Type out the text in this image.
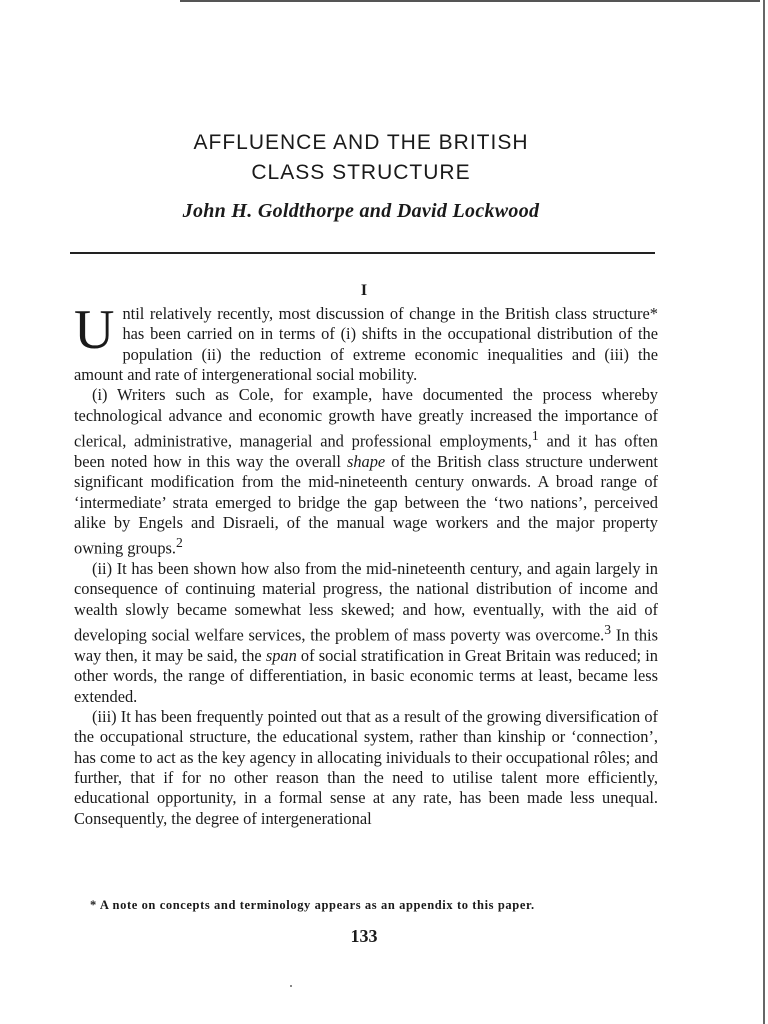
AFFLUENCE AND THE BRITISH
CLASS STRUCTURE
John H. Goldthorpe and David Lockwood
I

Until relatively recently, most discussion of change in the British class structure* has been carried on in terms of (i) shifts in the occupational distribution of the population (ii) the reduction of extreme economic inequalities and (iii) the amount and rate of intergenerational social mobility.

(i) Writers such as Cole, for example, have documented the process whereby technological advance and economic growth have greatly increased the importance of clerical, administrative, managerial and professional employments,$^1$ and it has often been noted how in this way the overall shape of the British class structure underwent significant modification from the mid-nineteenth century onwards. A broad range of ‘intermediate’ strata emerged to bridge the gap between the ‘two nations’, perceived alike by Engels and Disraeli, of the manual wage workers and the major property owning groups.$^2$

(ii) It has been shown how also from the mid-nineteenth century, and again largely in consequence of continuing material progress, the national distribution of income and wealth slowly became somewhat less skewed; and how, eventually, with the aid of developing social welfare services, the problem of mass poverty was overcome.$^3$ In this way then, it may be said, the span of social stratification in Great Britain was reduced; in other words, the range of differentiation, in basic economic terms at least, became less extended.

(iii) It has been frequently pointed out that as a result of the growing diversification of the occupational structure, the educational system, rather than kinship or ‘connection’, has come to act as the key agency in allocating inividuals to their occupational rôles; and further, that if for no other reason than the need to utilise talent more efficiently, educational opportunity, in a formal sense at any rate, has been made less unequal. Consequently, the degree of intergenerational

* A note on concepts and terminology appears as an appendix to this paper.
133
